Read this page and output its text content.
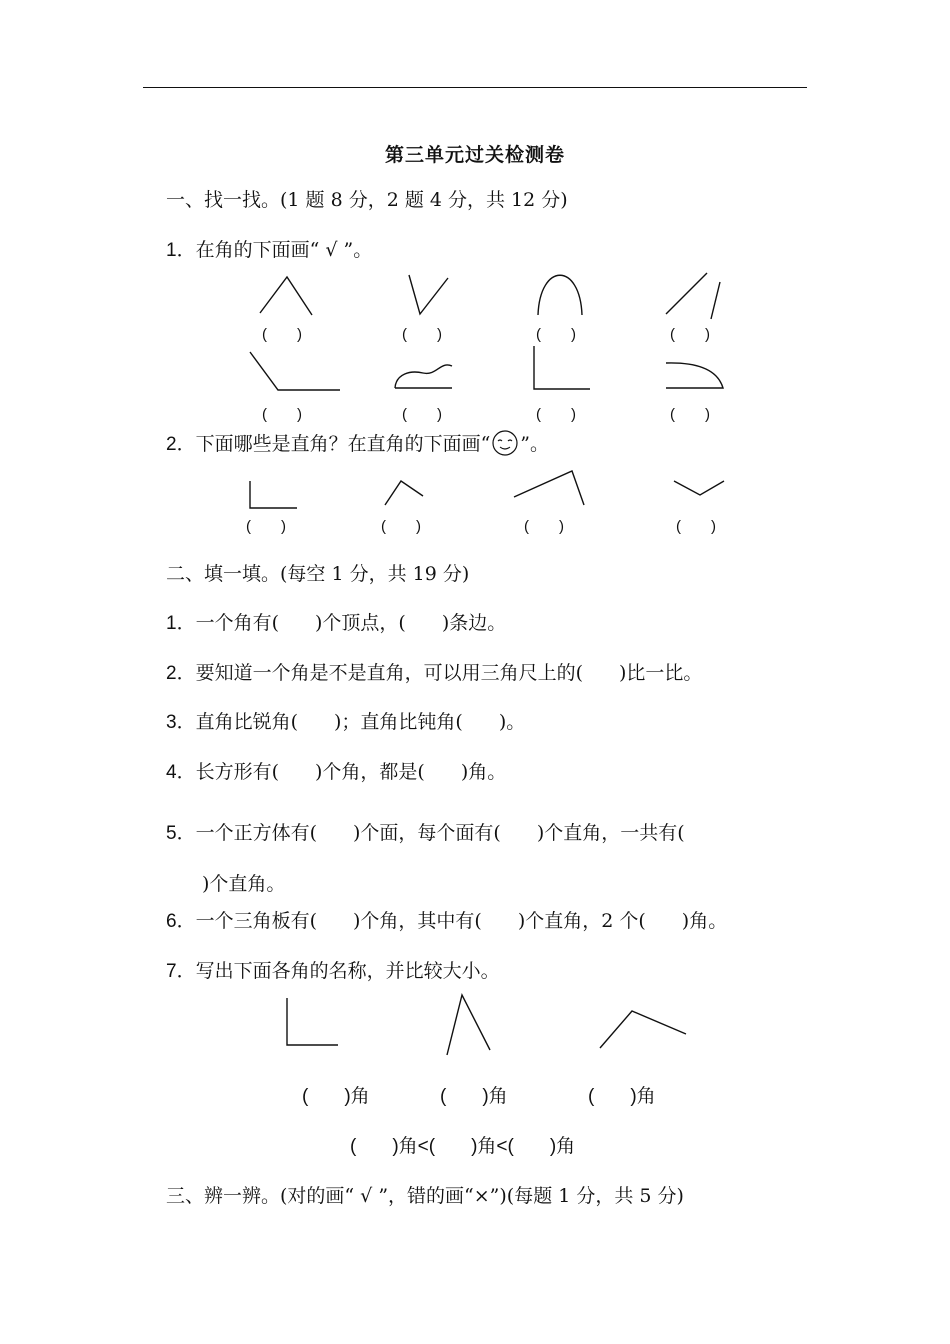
第三单元过关检测卷
一、找一找。(1 题 8 分，2 题 4 分，共 12 分)
1．在角的下面画“ √ ”。
(　　)	(　　)	(　　)	(　　)
(　　)	(　　)	(　　)	(　　)
2．下面哪些是直角？在直角的下面画“ ”。
(　　)	(　　)	(　　)	(　　)
二、填一填。(每空 1 分，共 19 分)
1．一个角有( )个顶点，( )条边。
2．要知道一个角是不是直角，可以用三角尺上的( )比一比。
3．直角比锐角( )；直角比钝角( )。
4．长方形有( )个角，都是( )角。
5．一个正方体有( )个面，每个面有( )个直角，一共有(
)个直角。
6．一个三角板有( )个角，其中有( )个直角，2 个( )角。
7．写出下面各角的名称，并比较大小。
( )角	( )角	( )角
( )角<( )角<( )角
三、辨一辨。(对的画“ √ ”，错的画“×”)(每题 1 分，共 5 分)
